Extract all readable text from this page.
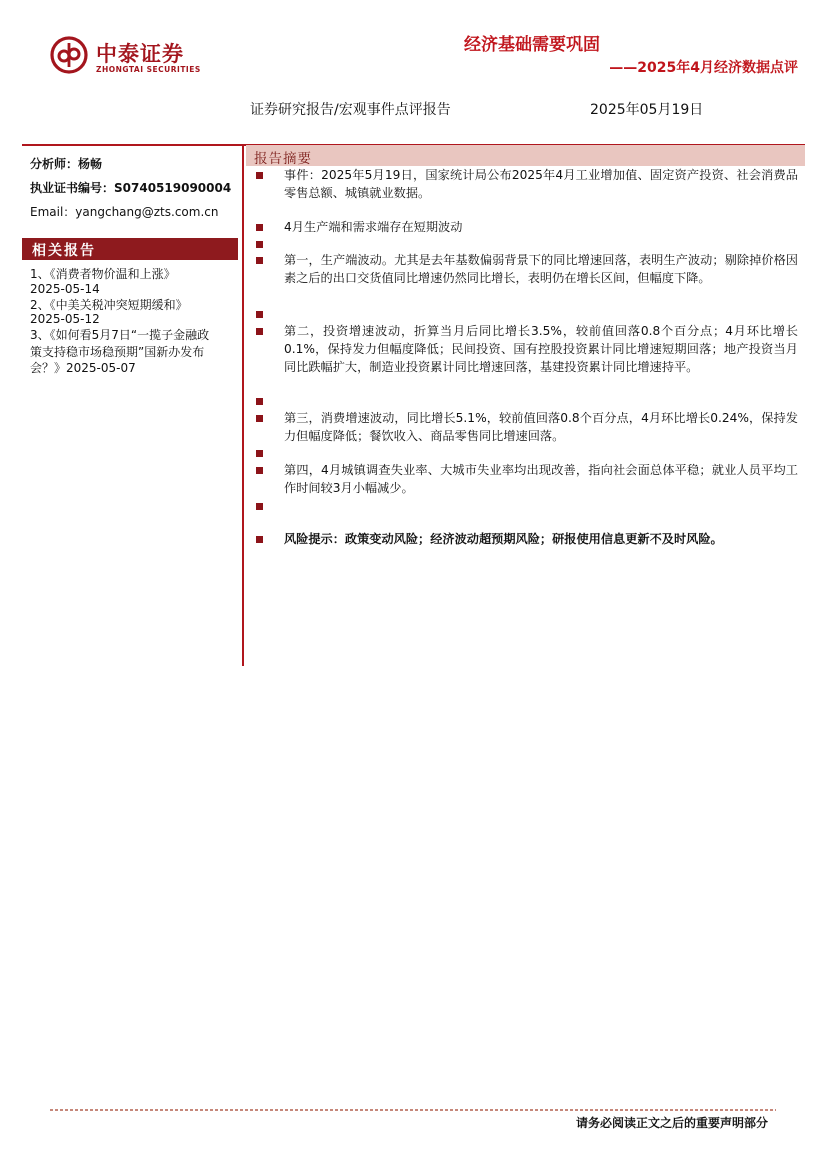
中泰证券
ZHONGTAI SECURITIES
经济基础需要巩固
——2025年4月经济数据点评
证券研究报告/宏观事件点评报告	2025年05月19日
分析师：杨畅
执业证书编号：S0740519090004
Email：yangchang@zts.com.cn
相关报告
1、《消费者物价温和上涨》
2025-05-14
2、《中美关税冲突短期缓和》
2025-05-12
3、《如何看5月7日“一揽子金融政
策支持稳市场稳预期”国新办发布
会？》2025-05-07
报告摘要
事件：2025年5月19日，国家统计局公布2025年4月工业增加值、固定资产投资、社会消费品零售总额、城镇就业数据。
4月生产端和需求端存在短期波动
第一，生产端波动。尤其是去年基数偏弱背景下的同比增速回落，表明生产波动；剔除掉价格因素之后的出口交货值同比增速仍然同比增长，表明仍在增长区间，但幅度下降。
第二，投资增速波动，折算当月后同比增长3.5%，较前值回落0.8个百分点；4月环比增长0.1%，保持发力但幅度降低；民间投资、国有控股投资累计同比增速短期回落；地产投资当月同比跌幅扩大，制造业投资累计同比增速回落，基建投资累计同比增速持平。
第三，消费增速波动，同比增长5.1%，较前值回落0.8个百分点，4月环比增长0.24%，保持发力但幅度降低；餐饮收入、商品零售同比增速回落。
第四，4月城镇调查失业率、大城市失业率均出现改善，指向社会面总体平稳；就业人员平均工作时间较3月小幅减少。
风险提示：政策变动风险；经济波动超预期风险；研报使用信息更新不及时风险。
请务必阅读正文之后的重要声明部分
